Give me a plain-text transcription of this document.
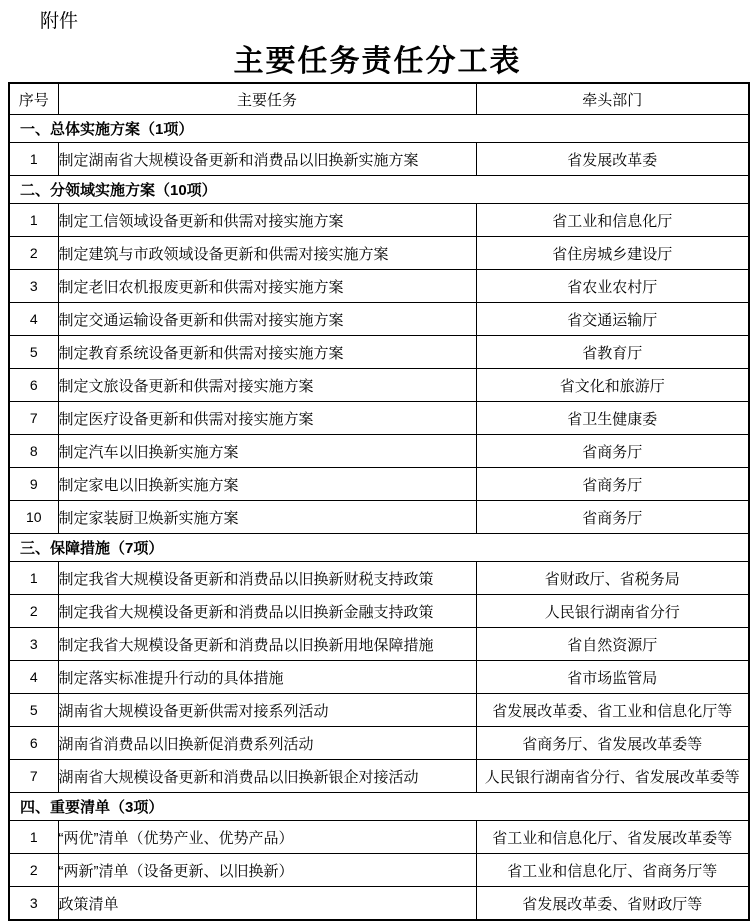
附件
主要任务责任分工表
序号	主要任务	牵头部门
一、总体实施方案（1项）		
1	制定湖南省大规模设备更新和消费品以旧换新实施方案	省发展改革委
二、分领域实施方案（10项）		
1	制定工信领域设备更新和供需对接实施方案	省工业和信息化厅
2	制定建筑与市政领域设备更新和供需对接实施方案	省住房城乡建设厅
3	制定老旧农机报废更新和供需对接实施方案	省农业农村厅
4	制定交通运输设备更新和供需对接实施方案	省交通运输厅
5	制定教育系统设备更新和供需对接实施方案	省教育厅
6	制定文旅设备更新和供需对接实施方案	省文化和旅游厅
7	制定医疗设备更新和供需对接实施方案	省卫生健康委
8	制定汽车以旧换新实施方案	省商务厅
9	制定家电以旧换新实施方案	省商务厅
10	制定家装厨卫焕新实施方案	省商务厅
三、保障措施（7项）		
1	制定我省大规模设备更新和消费品以旧换新财税支持政策	省财政厅、省税务局
2	制定我省大规模设备更新和消费品以旧换新金融支持政策	人民银行湖南省分行
3	制定我省大规模设备更新和消费品以旧换新用地保障措施	省自然资源厅
4	制定落实标准提升行动的具体措施	省市场监管局
5	湖南省大规模设备更新供需对接系列活动	省发展改革委、省工业和信息化厅等
6	湖南省消费品以旧换新促消费系列活动	省商务厅、省发展改革委等
7	湖南省大规模设备更新和消费品以旧换新银企对接活动	人民银行湖南省分行、省发展改革委等
四、重要清单（3项）		
1	“两优”清单（优势产业、优势产品）	省工业和信息化厅、省发展改革委等
2	“两新”清单（设备更新、以旧换新）	省工业和信息化厅、省商务厅等
3	政策清单	省发展改革委、省财政厅等
